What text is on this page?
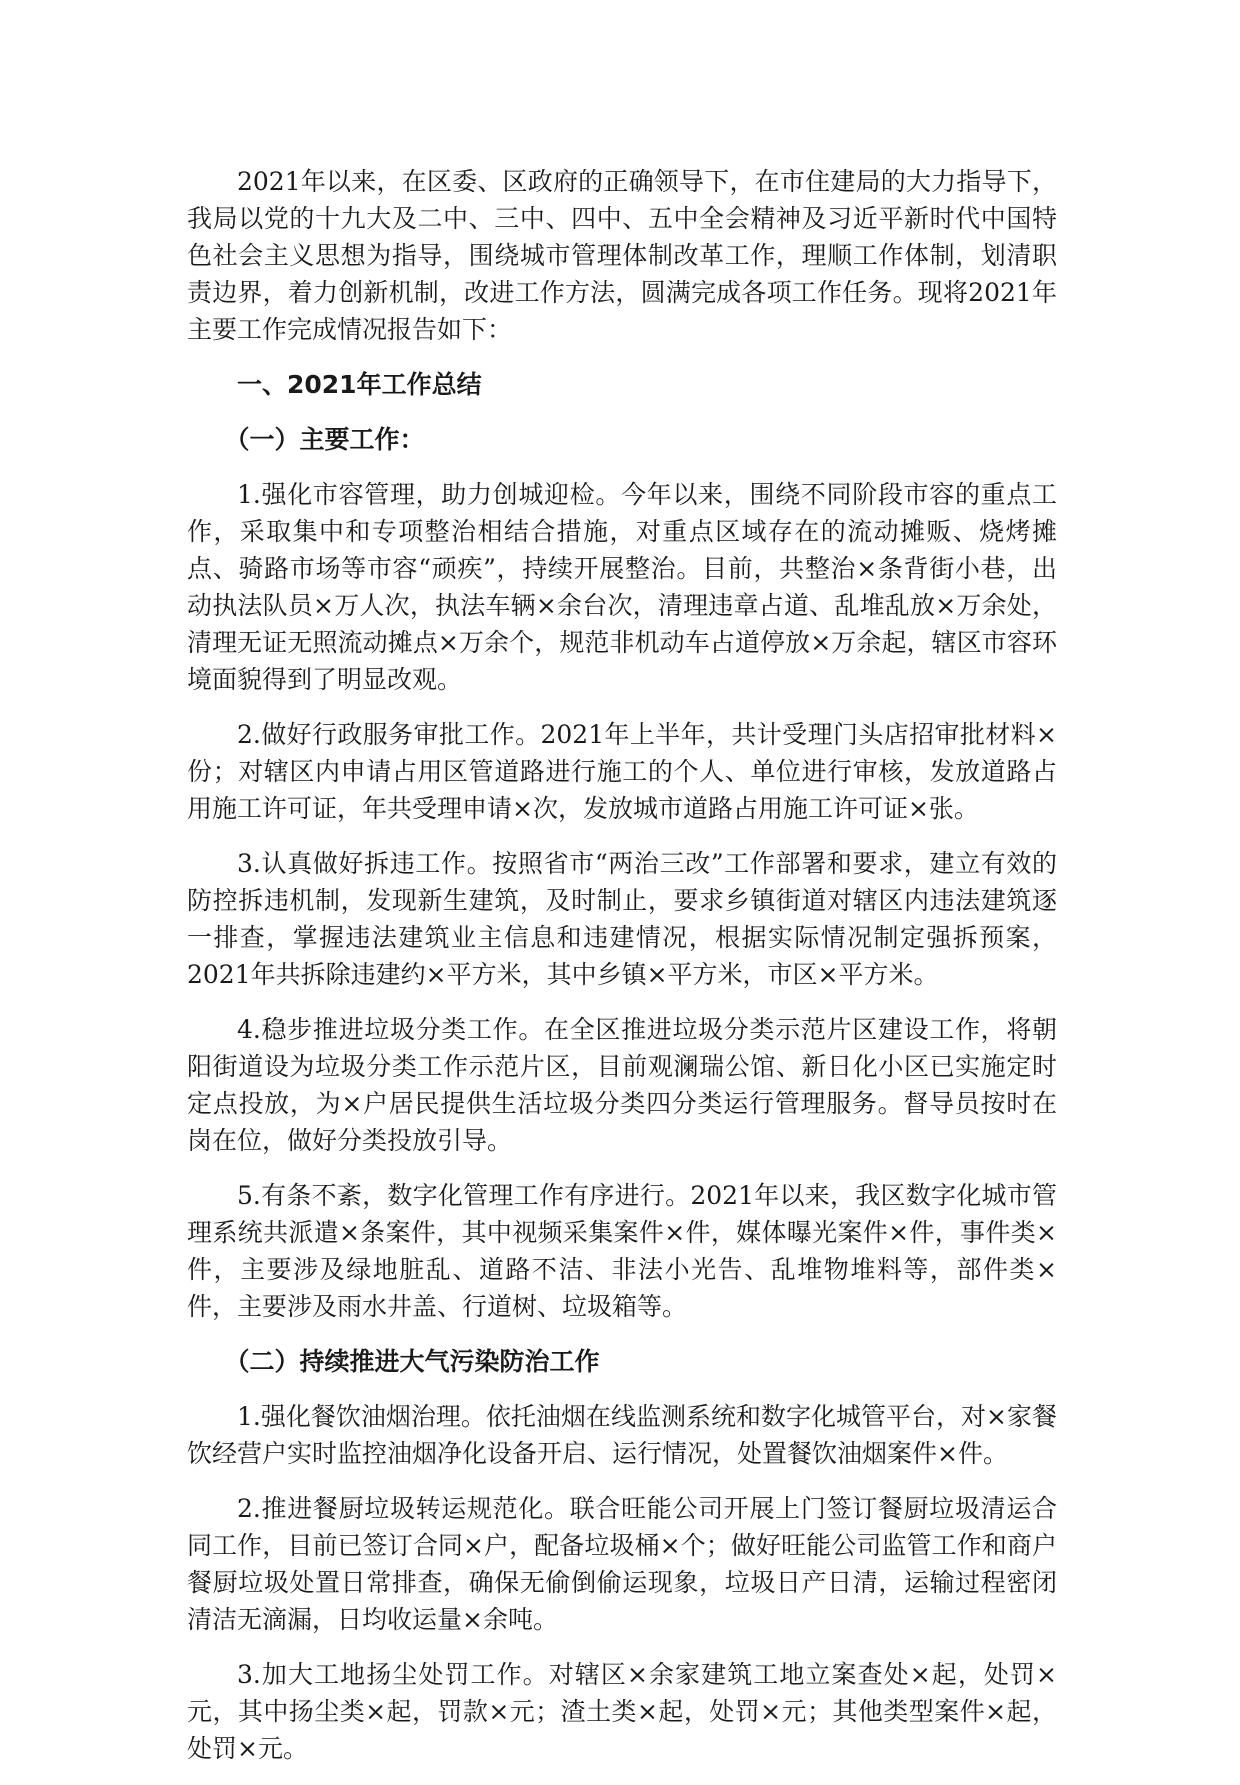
2021年以来，在区委、区政府的正确领导下，在市住建局的大力指导下，我局以党的十九大及二中、三中、四中、五中全会精神及习近平新时代中国特色社会主义思想为指导，围绕城市管理体制改革工作，理顺工作体制，划清职责边界，着力创新机制，改进工作方法，圆满完成各项工作任务。现将2021年主要工作完成情况报告如下：

一、2021年工作总结

（一）主要工作：

1.强化市容管理，助力创城迎检。今年以来，围绕不同阶段市容的重点工作，采取集中和专项整治相结合措施，对重点区域存在的流动摊贩、烧烤摊点、骑路市场等市容“顽疾”，持续开展整治。目前，共整治×条背街小巷，出动执法队员×万人次，执法车辆×余台次，清理违章占道、乱堆乱放×万余处，清理无证无照流动摊点×万余个，规范非机动车占道停放×万余起，辖区市容环境面貌得到了明显改观。

2.做好行政服务审批工作。2021年上半年，共计受理门头店招审批材料×份；对辖区内申请占用区管道路进行施工的个人、单位进行审核，发放道路占用施工许可证，年共受理申请×次，发放城市道路占用施工许可证×张。

3.认真做好拆违工作。按照省市“两治三改”工作部署和要求，建立有效的防控拆违机制，发现新生建筑，及时制止，要求乡镇街道对辖区内违法建筑逐一排查，掌握违法建筑业主信息和违建情况，根据实际情况制定强拆预案，2021年共拆除违建约×平方米，其中乡镇×平方米，市区×平方米。

4.稳步推进垃圾分类工作。在全区推进垃圾分类示范片区建设工作，将朝阳街道设为垃圾分类工作示范片区，目前观澜瑞公馆、新日化小区已实施定时定点投放，为×户居民提供生活垃圾分类四分类运行管理服务。督导员按时在岗在位，做好分类投放引导。

5.有条不紊，数字化管理工作有序进行。2021年以来，我区数字化城市管理系统共派遣×条案件，其中视频采集案件×件，媒体曝光案件×件，事件类×件，主要涉及绿地脏乱、道路不洁、非法小光告、乱堆物堆料等，部件类×件，主要涉及雨水井盖、行道树、垃圾箱等。

（二）持续推进大气污染防治工作

1.强化餐饮油烟治理。依托油烟在线监测系统和数字化城管平台，对×家餐饮经营户实时监控油烟净化设备开启、运行情况，处置餐饮油烟案件×件。

2.推进餐厨垃圾转运规范化。联合旺能公司开展上门签订餐厨垃圾清运合同工作，目前已签订合同×户，配备垃圾桶×个；做好旺能公司监管工作和商户餐厨垃圾处置日常排查，确保无偷倒偷运现象，垃圾日产日清，运输过程密闭清洁无滴漏，日均收运量×余吨。

3.加大工地扬尘处罚工作。对辖区×余家建筑工地立案查处×起，处罚×元，其中扬尘类×起，罚款×元；渣土类×起，处罚×元；其他类型案件×起，处罚×元。
